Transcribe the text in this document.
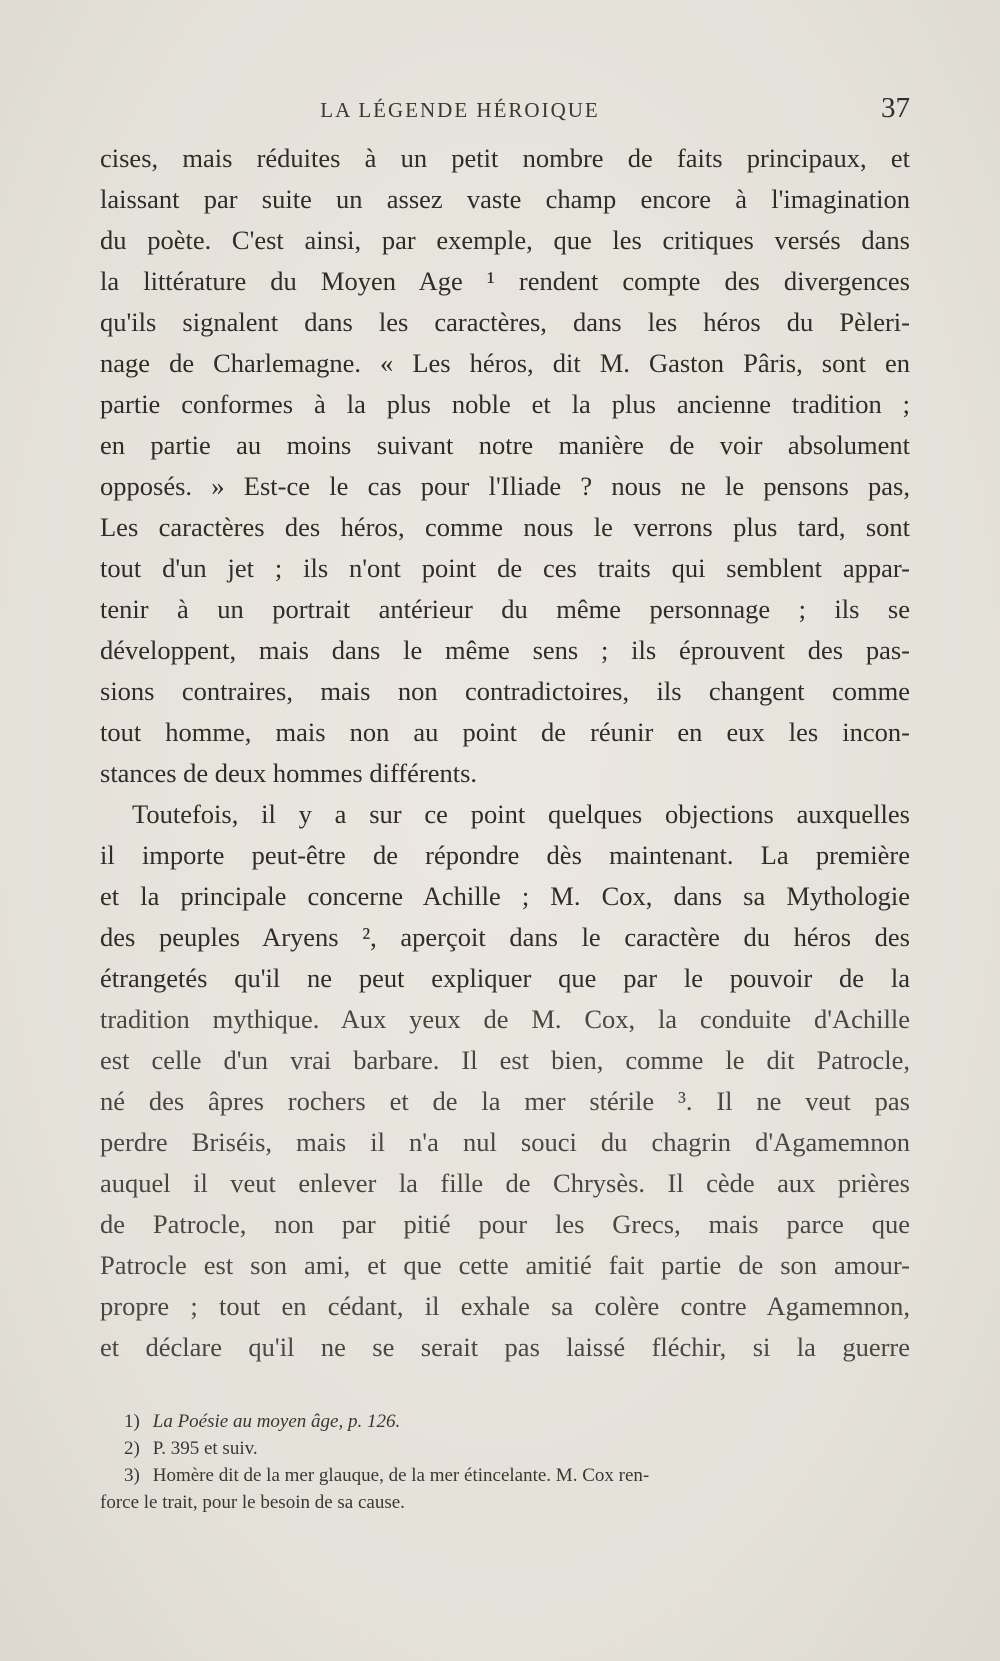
LA LÉGENDE HÉROIQUE	37
cises, mais réduites à un petit nombre de faits principaux, et
laissant par suite un assez vaste champ encore à l'imagination
du poète. C'est ainsi, par exemple, que les critiques versés dans
la littérature du Moyen Age ¹ rendent compte des divergences
qu'ils signalent dans les caractères, dans les héros du Pèleri-
nage de Charlemagne. « Les héros, dit M. Gaston Pâris, sont en
partie conformes à la plus noble et la plus ancienne tradition ;
en partie au moins suivant notre manière de voir absolument
opposés. » Est-ce le cas pour l'Iliade ? nous ne le pensons pas,
Les caractères des héros, comme nous le verrons plus tard, sont
tout d'un jet ; ils n'ont point de ces traits qui semblent appar-
tenir à un portrait antérieur du même personnage ; ils se
développent, mais dans le même sens ; ils éprouvent des pas-
sions contraires, mais non contradictoires, ils changent comme
tout homme, mais non au point de réunir en eux les incon-
stances de deux hommes différents.
Toutefois, il y a sur ce point quelques objections auxquelles
il importe peut-être de répondre dès maintenant. La première
et la principale concerne Achille ; M. Cox, dans sa Mythologie
des peuples Aryens ², aperçoit dans le caractère du héros des
étrangetés qu'il ne peut expliquer que par le pouvoir de la
tradition mythique. Aux yeux de M. Cox, la conduite d'Achille
est celle d'un vrai barbare. Il est bien, comme le dit Patrocle,
né des âpres rochers et de la mer stérile ³. Il ne veut pas
perdre Briséis, mais il n'a nul souci du chagrin d'Agamemnon
auquel il veut enlever la fille de Chrysès. Il cède aux prières
de Patrocle, non par pitié pour les Grecs, mais parce que
Patrocle est son ami, et que cette amitié fait partie de son amour-
propre ; tout en cédant, il exhale sa colère contre Agamemnon,
et déclare qu'il ne se serait pas laissé fléchir, si la guerre
1) La Poésie au moyen âge, p. 126.
2) P. 395 et suiv.
3) Homère dit de la mer glauque, de la mer étincelante. M. Cox ren-
force le trait, pour le besoin de sa cause.
